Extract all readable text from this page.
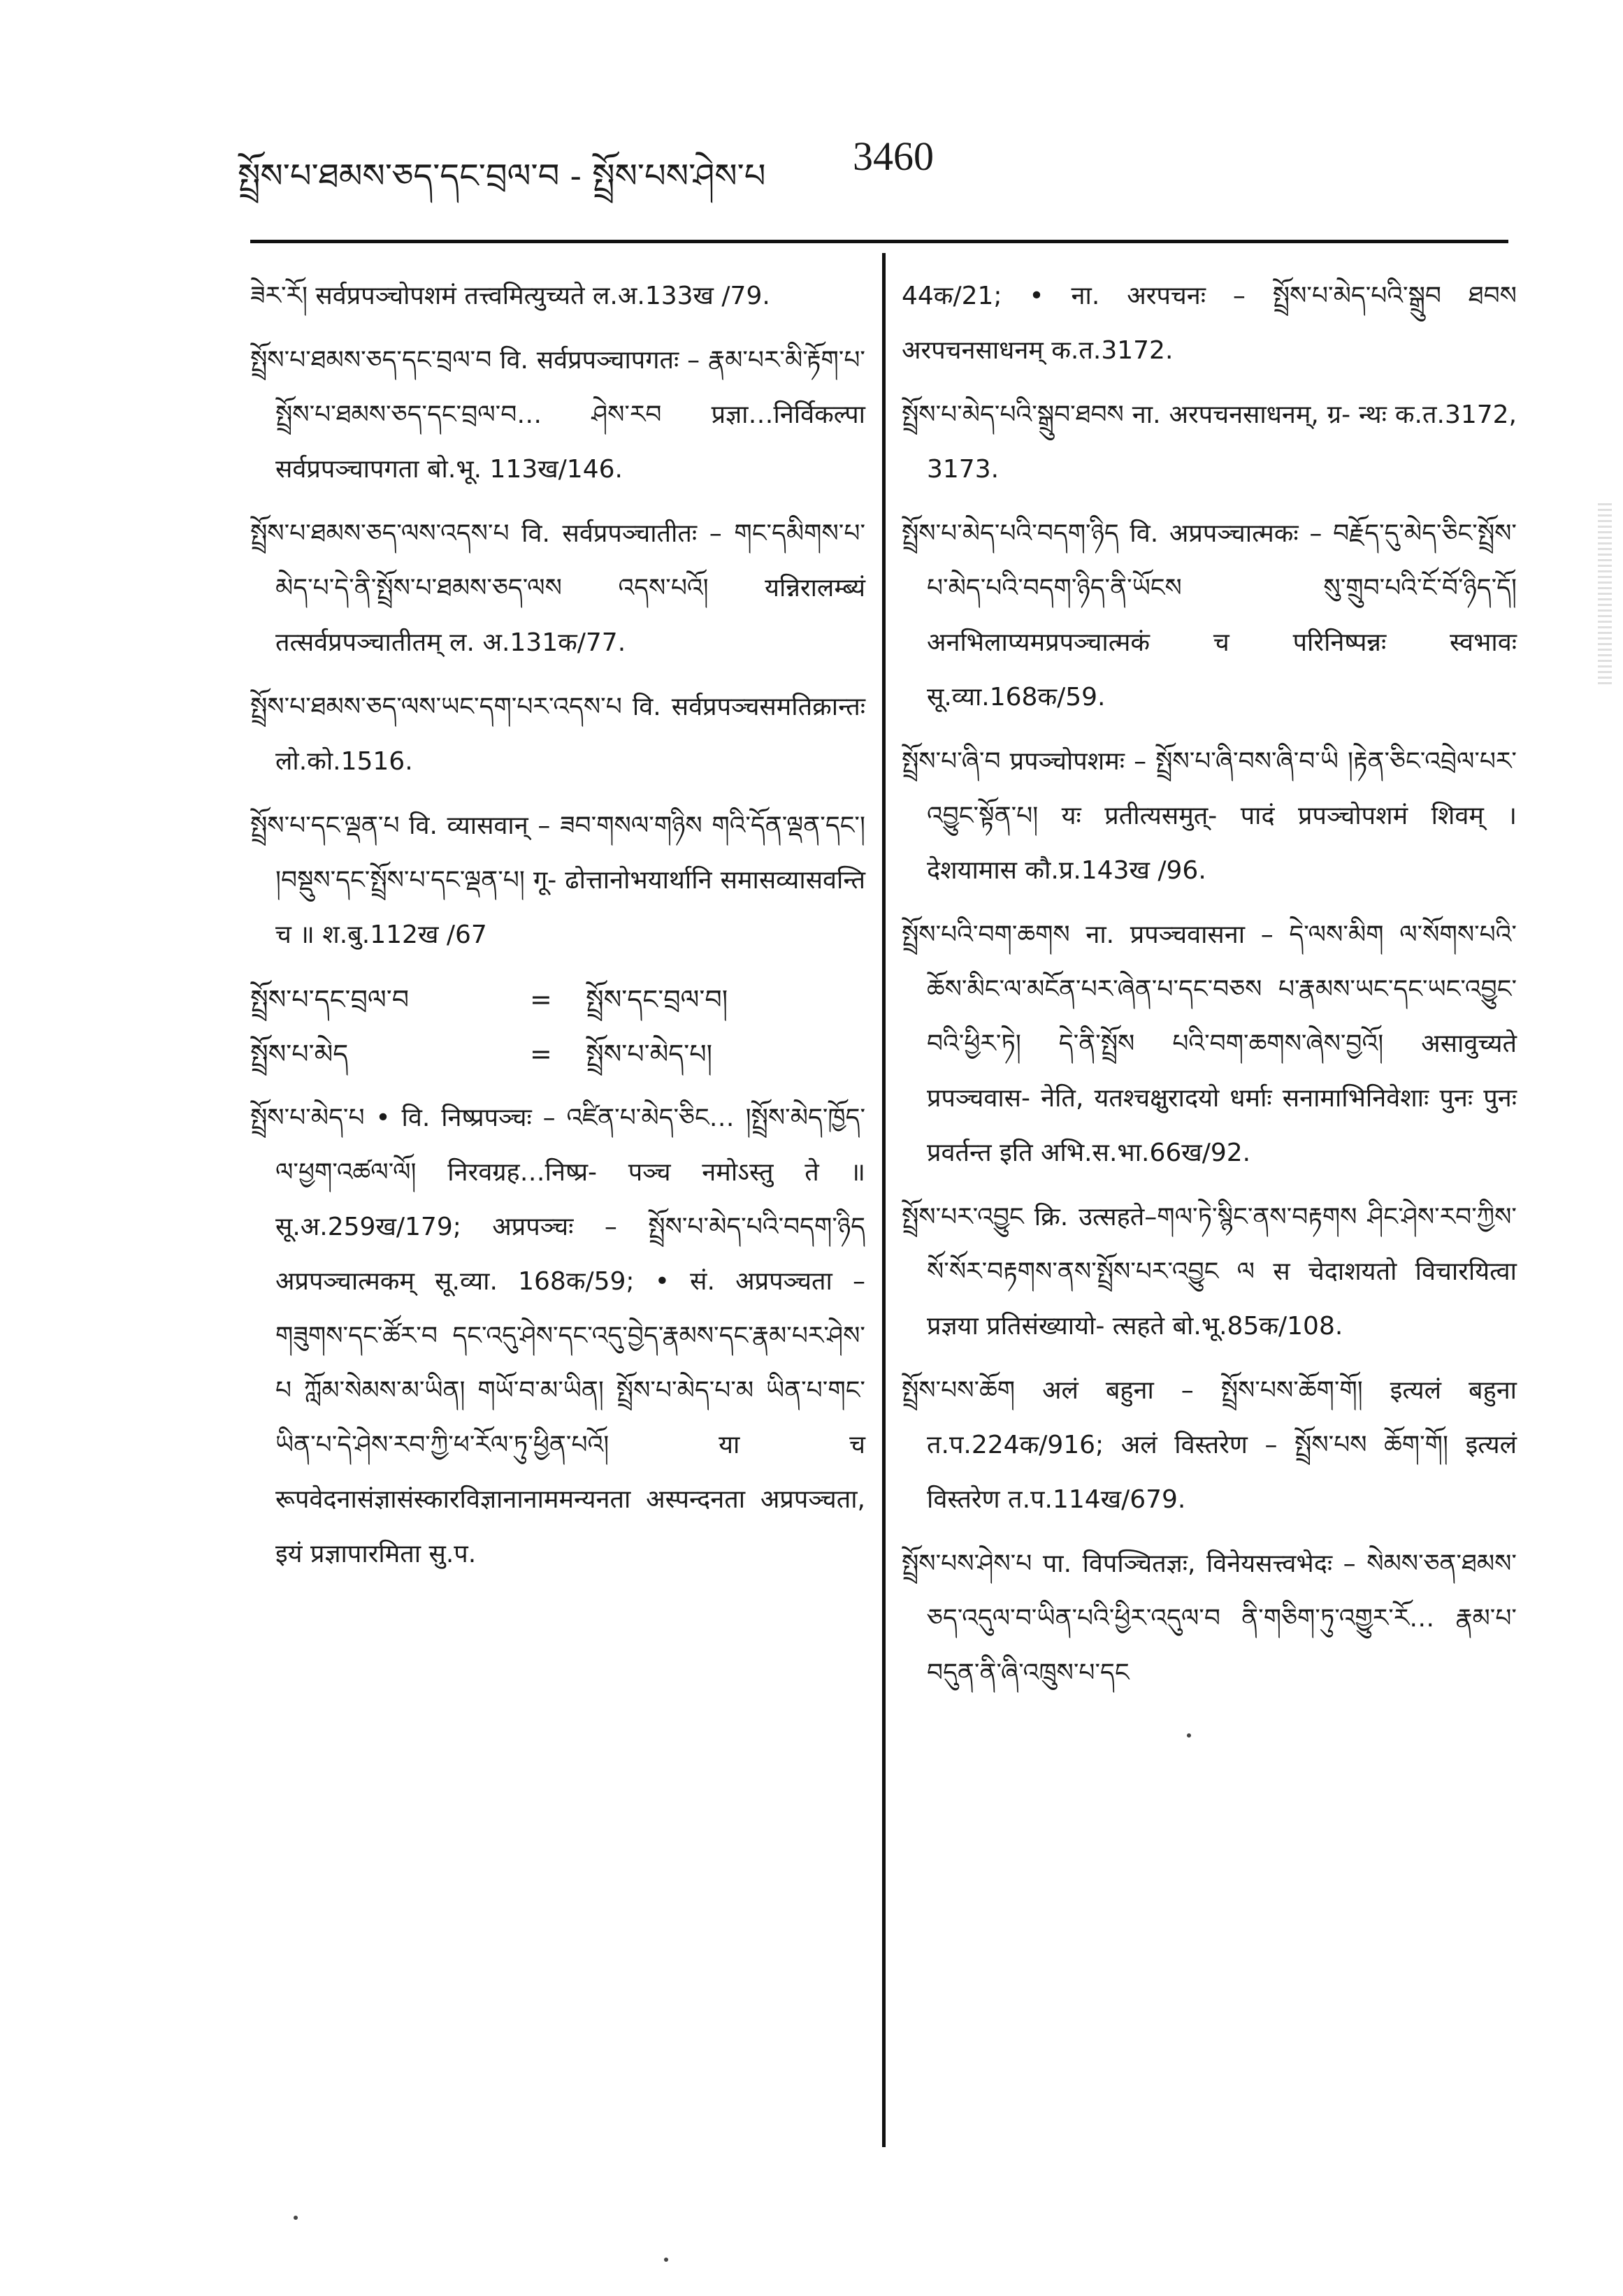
སྤྲོས་པ་ཐམས་ཅད་དང་བྲལ་བ - སྤྲོས་པས་ཤེས་པ 3460
ཟེར་རོ། सर्वप्रपञ्चोपशमं तत्त्वमित्युच्यते ल.अ.133ख /79.
སྤྲོས་པ་ཐམས་ཅད་དང་བྲལ་བ वि. सर्वप्रपञ्चापगतः – རྣམ་པར་མི་རྟོག་པ་སྤྲོས་པ་ཐམས་ཅད་དང་བྲལ་བ… ཤེས་རབ प्रज्ञा…निर्विकल्पा सर्वप्रपञ्चापगता बो.भू. 113ख/146.
སྤྲོས་པ་ཐམས་ཅད་ལས་འདས་པ वि. सर्वप्रपञ्चातीतः – གང་དམིགས་པ་མེད་པ་དེ་ནི་སྤྲོས་པ་ཐམས་ཅད་ལས འདས་པའོ། यन्निरालम्ब्यं तत्सर्वप्रपञ्चातीतम् ल. अ.131क/77.
སྤྲོས་པ་ཐམས་ཅད་ལས་ཡང་དག་པར་འདས་པ वि. सर्वप्रपञ्चसमतिक्रान्तः लो.को.1516.
སྤྲོས་པ་དང་ལྡན་པ वि. व्यासवान् – ཟབ་གསལ་གཉིས གའི་དོན་ལྡན་དང་། །བསྡུས་དང་སྤྲོས་པ་དང་ལྡན་པ། गू- ढोत्तानोभयार्थानि समासव्यासवन्ति च ॥ श.बु.112ख /67
སྤྲོས་པ་དང་བྲལ་བ	= སྤྲོས་དང་བྲལ་བ།
སྤྲོས་པ་མེད	= སྤྲོས་པ་མེད་པ།
སྤྲོས་པ་མེད་པ • वि. निष्प्रपञ्चः – འཛིན་པ་མེད་ཅིང… །སྤྲོས་མེད་ཁྱོད་ལ་ཕྱག་འཚལ་ལོ། निरवग्रह…निष्प्र- पञ्च नमोऽस्तु ते ॥ सू.अ.259ख/179; अप्रपञ्चः – སྤྲོས་པ་མེད་པའི་བདག་ཉིད अप्रपञ्चात्मकम् सू.व्या. 168क/59; • सं. अप्रपञ्चता – གཟུགས་དང་ཚོར་བ དང་འདུ་ཤེས་དང་འདུ་བྱེད་རྣམས་དང་རྣམ་པར་ཤེས་པ ཀློམ་སེམས་མ་ཡིན། གཡོ་བ་མ་ཡིན། སྤྲོས་པ་མེད་པ་མ ཡིན་པ་གང་ཡིན་པ་དེ་ཤེས་རབ་ཀྱི་ཕ་རོལ་ཏུ་ཕྱིན་པའོ། या च रूपवेदनासंज्ञासंस्कारविज्ञानानाममन्यनता अस्पन्दनता अप्रपञ्चता, इयं प्रज्ञापारमिता सु.प.
44क/21; • ना. अरपचनः – སྤྲོས་པ་མེད་པའི་སྒྲུབ ཐབས अरपचनसाधनम् क.त.3172.
སྤྲོས་པ་མེད་པའི་སྒྲུབ་ཐབས ना. अरपचनसाधनम्, ग्र- न्थः क.त.3172, 3173.
སྤྲོས་པ་མེད་པའི་བདག་ཉིད वि. अप्रपञ्चात्मकः – བརྗོད་དུ་མེད་ཅིང་སྤྲོས་པ་མེད་པའི་བདག་ཉིད་ནི་ཡོངས སུ་གྲུབ་པའི་ངོ་བོ་ཉིད་དོ། अनभिलाप्यमप्रपञ्चात्मकं च परिनिष्पन्नः स्वभावः सू.व्या.168क/59.
སྤྲོས་པ་ཞི་བ प्रपञ्चोपशमः – སྤྲོས་པ་ཞི་བས་ཞི་བ་ཡི །རྟེན་ཅིང་འབྲེལ་པར་འབྱུང་སྟོན་པ། यः प्रतीत्यसमुत्- पादं प्रपञ्चोपशमं शिवम् । देशयामास कौ.प्र.143ख /96.
སྤྲོས་པའི་བག་ཆགས ना. प्रपञ्चवासना – དེ་ལས་མིག ལ་སོགས་པའི་ཆོས་མིང་ལ་མངོན་པར་ཞེན་པ་དང་བཅས པ་རྣམས་ཡང་དང་ཡང་འབྱུང་བའི་ཕྱིར་ཏེ། དེ་ནི་སྤྲོས པའི་བག་ཆགས་ཞེས་བྱའོ། असावुच्यते प्रपञ्चवास- नेति, यतश्चक्षुरादयो धर्माः सनामाभिनिवेशाः पुनः पुनः प्रवर्तन्त इति अभि.स.भा.66ख/92.
སྤྲོས་པར་འབྱུང क्रि. उत्सहते–གལ་ཏེ་སྙིང་ནས་བརྟགས ཤིང་ཤེས་རབ་ཀྱིས་སོ་སོར་བརྟགས་ནས་སྤྲོས་པར་འབྱུང ལ स चेदाशयतो विचारयित्वा प्रज्ञया प्रतिसंख्यायो- त्सहते बो.भू.85क/108.
སྤྲོས་པས་ཆོག अलं बहुना – སྤྲོས་པས་ཆོག་གོ། इत्यलं बहुना त.प.224क/916; अलं विस्तरेण – སྤྲོས་པས ཆོག་གོ། इत्यलं विस्तरेण त.प.114ख/679.
སྤྲོས་པས་ཤེས་པ पा. विपञ्चितज्ञः, विनेयसत्त्वभेदः – སེམས་ཅན་ཐམས་ཅད་འདུལ་བ་ཡིན་པའི་ཕྱིར་འདུལ་བ ནི་གཅིག་ཏུ་འགྱུར་རོ… རྣམ་པ་བདུན་ནི་ཞི་འཁྲུས་པ་དང
